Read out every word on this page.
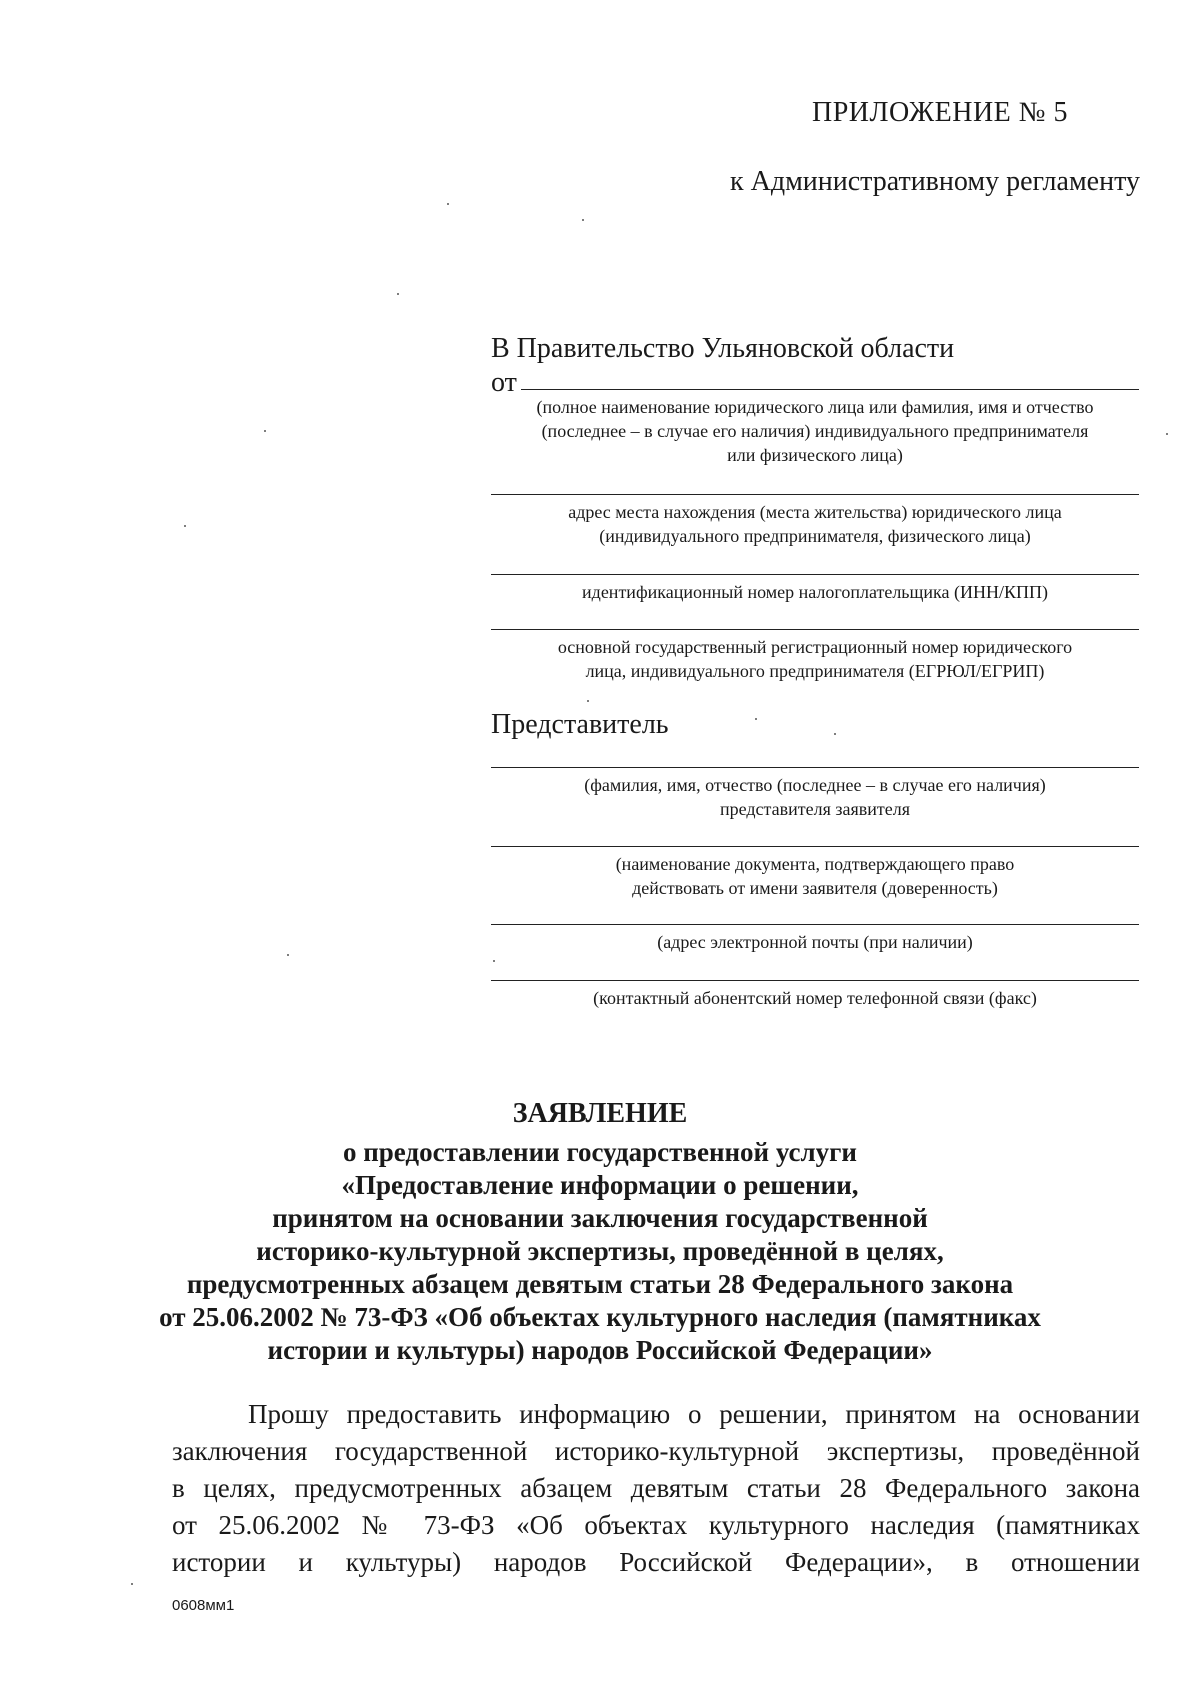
ПРИЛОЖЕНИЕ № 5
к Административному регламенту
В Правительство Ульяновской области
от
(полное наименование юридического лица или фамилия, имя и отчество
(последнее – в случае его наличия) индивидуального предпринимателя
или физического лица)
адрес места нахождения (места жительства) юридического лица
(индивидуального предпринимателя, физического лица)
идентификационный номер налогоплательщика (ИНН/КПП)
основной государственный регистрационный номер юридического
лица, индивидуального предпринимателя (ЕГРЮЛ/ЕГРИП)
Представитель
(фамилия, имя, отчество (последнее – в случае его наличия)
представителя заявителя
(наименование документа, подтверждающего право
действовать от имени заявителя (доверенность)
(адрес электронной почты (при наличии)
(контактный абонентский номер телефонной связи (факс)
ЗАЯВЛЕНИЕ
о предоставлении государственной услуги
«Предоставление информации о решении,
принятом на основании заключения государственной
историко-культурной экспертизы, проведённой в целях,
предусмотренных абзацем девятым статьи 28 Федерального закона
от 25.06.2002 № 73-ФЗ «Об объектах культурного наследия (памятниках
истории и культуры) народов Российской Федерации»
Прошу предоставить информацию о решении, принятом на основании
заключения государственной историко-культурной экспертизы, проведённой
в целях, предусмотренных абзацем девятым статьи 28 Федерального закона
от 25.06.2002 № 73-ФЗ «Об объектах культурного наследия (памятниках
истории и культуры) народов Российской Федерации», в отношении
0608мм1
